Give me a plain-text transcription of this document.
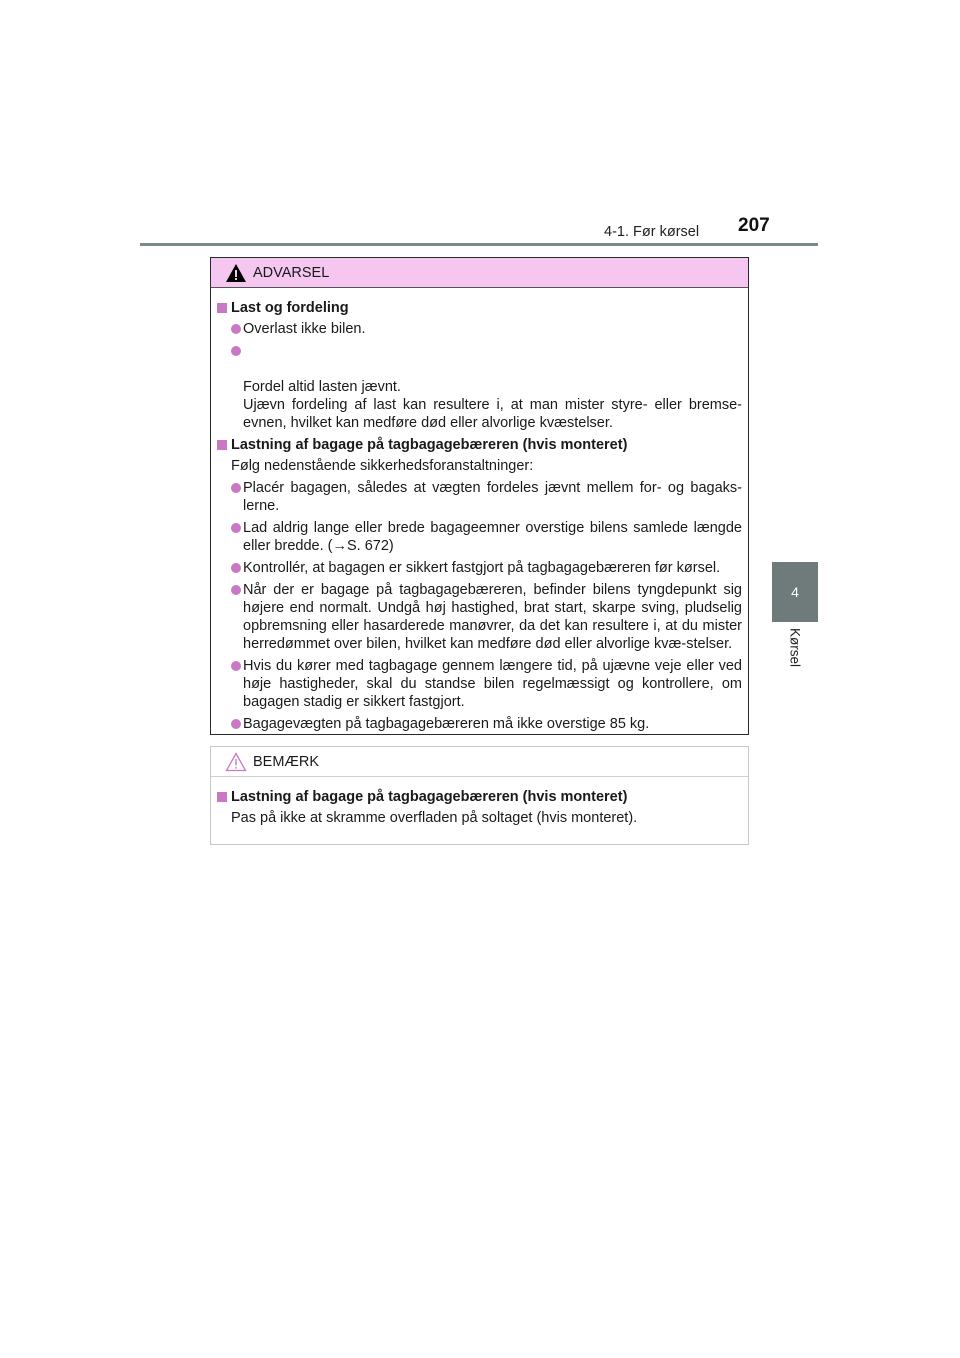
4-1. Før kørsel 207
4
Kørsel
ADVARSEL
Last og fordeling
Overlast ikke bilen.

Fordel altid lasten jævnt.
Ujævn fordeling af last kan resultere i, at man mister styre- eller bremse-evnen, hvilket kan medføre død eller alvorlige kvæstelser.

Lastning af bagage på tagbagagebæreren (hvis monteret)
Følg nedenstående sikkerhedsforanstaltninger:
Placér bagagen, således at vægten fordeles jævnt mellem for- og bagaks-lerne.
Lad aldrig lange eller brede bagageemner overstige bilens samlede længde eller bredde. (→S. 672)
Kontrollér, at bagagen er sikkert fastgjort på tagbagagebæreren før kørsel.
Når der er bagage på tagbagagebæreren, befinder bilens tyngdepunkt sig højere end normalt. Undgå høj hastighed, brat start, skarpe sving, pludselig opbremsning eller hasarderede manøvrer, da det kan resultere i, at du mister herredømmet over bilen, hvilket kan medføre død eller alvorlige kvæ-stelser.
Hvis du kører med tagbagage gennem længere tid, på ujævne veje eller ved høje hastigheder, skal du standse bilen regelmæssigt og kontrollere, om bagagen stadig er sikkert fastgjort.
Bagagevægten på tagbagagebæreren må ikke overstige 85 kg.
BEMÆRK
Lastning af bagage på tagbagagebæreren (hvis monteret)
Pas på ikke at skramme overfladen på soltaget (hvis monteret).
